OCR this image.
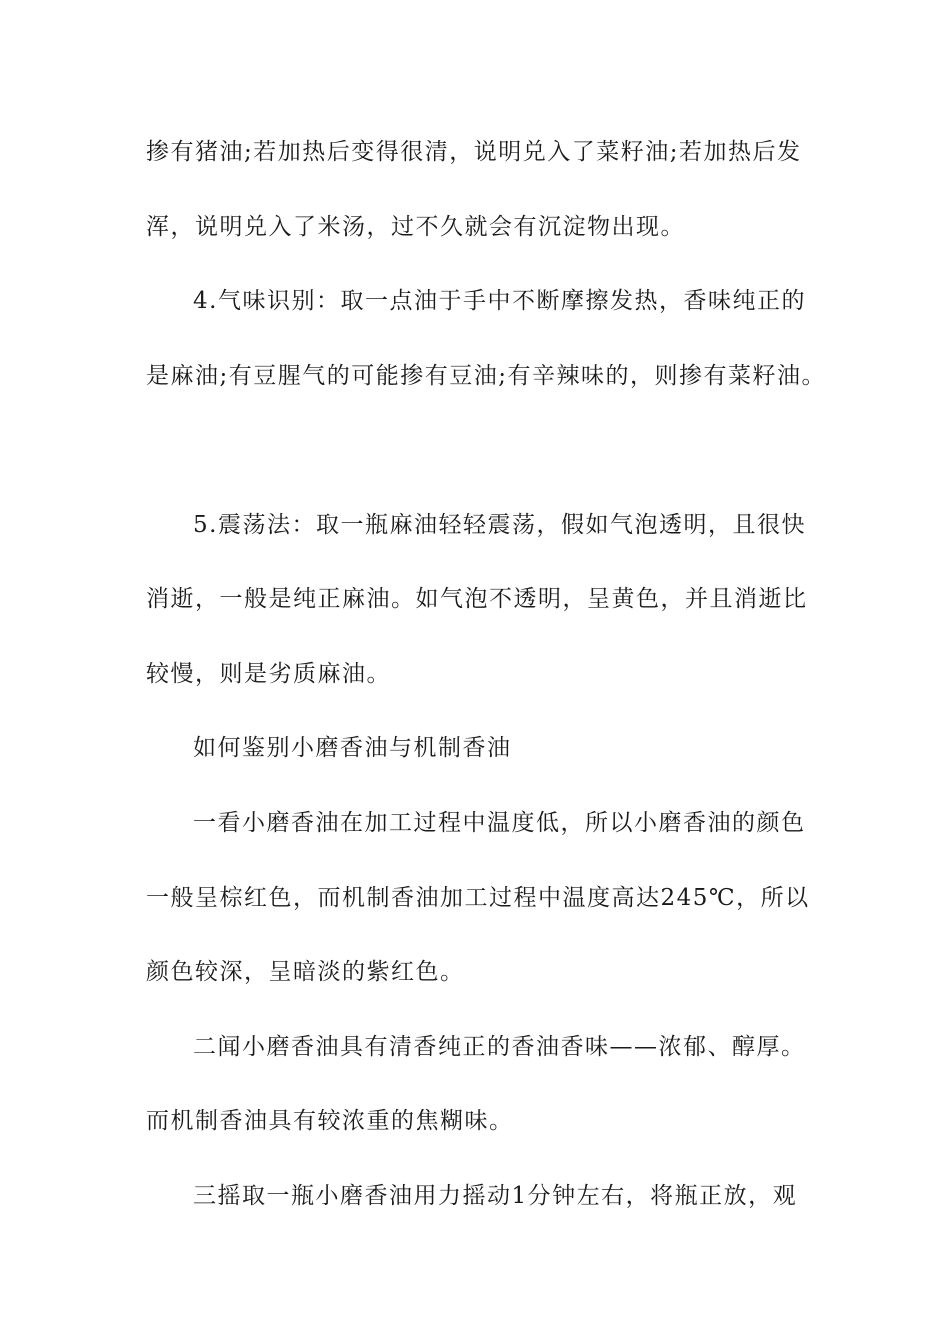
掺有猪油;若加热后变得很清，说明兑入了菜籽油;若加热后发
浑，说明兑入了米汤，过不久就会有沉淀物出现。
4.气味识别：取一点油于手中不断摩擦发热，香味纯正的
是麻油;有豆腥气的可能掺有豆油;有辛辣味的，则掺有菜籽油。
5.震荡法：取一瓶麻油轻轻震荡，假如气泡透明，且很快
消逝，一般是纯正麻油。如气泡不透明，呈黄色，并且消逝比
较慢，则是劣质麻油。
如何鉴别小磨香油与机制香油
一看小磨香油在加工过程中温度低，所以小磨香油的颜色
一般呈棕红色，而机制香油加工过程中温度高达245℃，所以
颜色较深，呈暗淡的紫红色。
二闻小磨香油具有清香纯正的香油香味——浓郁、醇厚。
而机制香油具有较浓重的焦糊味。
三摇取一瓶小磨香油用力摇动1分钟左右，将瓶正放，观
